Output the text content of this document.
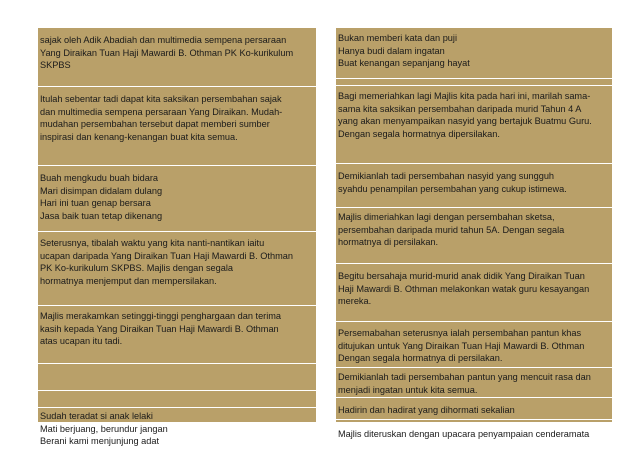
sajak oleh Adik Abadiah dan multimedia sempena persaraan
Yang Diraikan Tuan Haji Mawardi B. Othman PK Ko-kurikulum
SKPBS
Itulah sebentar tadi dapat kita saksikan persembahan sajak
dan multimedia sempena persaraan Yang Diraikan. Mudah-
mudahan persembahan tersebut dapat memberi sumber
inspirasi dan kenang-kenangan buat kita semua.
Buah mengkudu buah bidara
Mari disimpan didalam dulang
Hari ini tuan genap bersara
Jasa baik tuan tetap dikenang
Seterusnya, tibalah waktu yang kita nanti-nantikan iaitu
ucapan daripada Yang Diraikan Tuan Haji Mawardi B. Othman
PK Ko-kurikulum SKPBS. Majlis dengan segala
hormatnya menjemput dan mempersilakan.
Majlis merakamkan setinggi-tinggi penghargaan dan terima
kasih kepada Yang Diraikan Tuan Haji Mawardi B. Othman
atas ucapan itu tadi.
Sudah teradat si anak lelaki
Mati berjuang, berundur jangan
Berani kami menjunjung adat
Bukan memberi kata dan puji
Hanya budi dalam ingatan
Buat kenangan sepanjang hayat
Bagi memeriahkan lagi Majlis kita pada hari ini, marilah sama-
sama kita saksikan persembahan daripada murid Tahun 4 A
yang akan menyampaikan nasyid yang bertajuk Buatmu Guru.
Dengan segala hormatnya dipersilakan.
Demikianlah tadi persembahan nasyid yang sungguh
syahdu penampilan persembahan yang cukup istimewa.
Majlis dimeriahkan lagi dengan persembahan sketsa,
persembahan daripada murid tahun 5A. Dengan segala
hormatnya di persilakan.
Begitu bersahaja murid-murid anak didik Yang Diraikan Tuan
Haji Mawardi B. Othman melakonkan watak guru kesayangan
mereka.
Persemabahan seterusnya ialah persembahan pantun khas
ditujukan untuk Yang Diraikan Tuan Haji Mawardi B. Othman
Dengan segala hormatnya di persilakan.
Demikianlah tadi persembahan pantun yang mencuit rasa dan
menjadi ingatan untuk kita semua.
Hadirin dan hadirat yang dihormati sekalian
Majlis diteruskan dengan upacara penyampaian cenderamata
